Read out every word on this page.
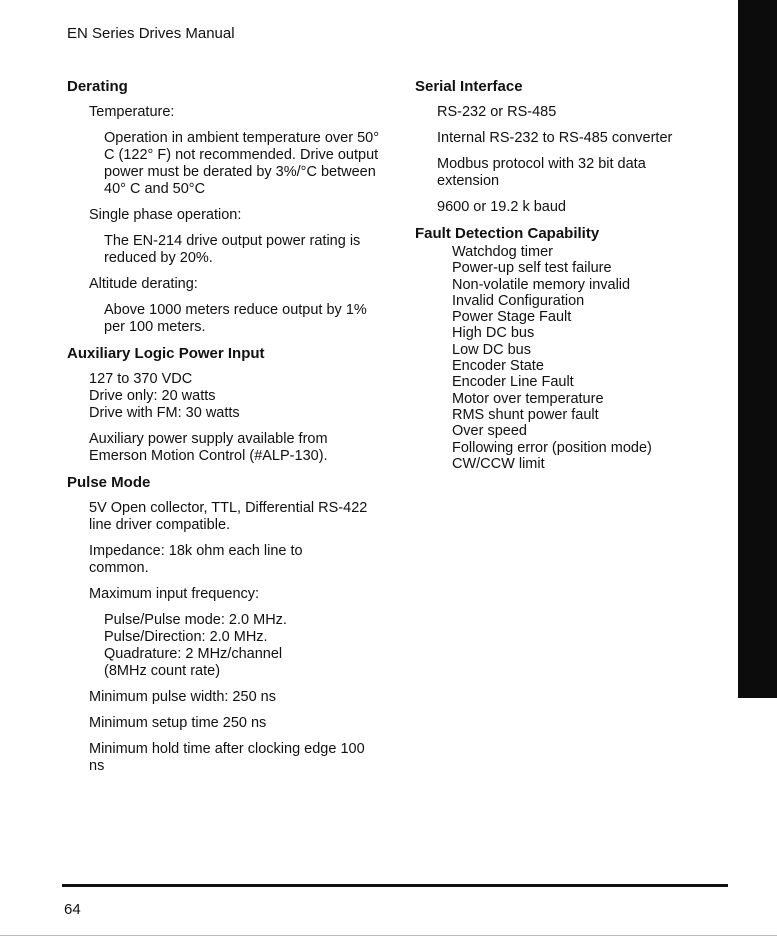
EN Series Drives Manual
Derating
Temperature:
Operation in ambient temperature over 50° C (122° F) not recommended. Drive output power must be derated by 3%/°C between 40° C and 50°C
Single phase operation:
The EN-214 drive output power rating is reduced by 20%.
Altitude derating:
Above 1000 meters reduce output by 1% per 100 meters.
Auxiliary Logic Power Input
127 to 370 VDC
Drive only: 20 watts
Drive with FM: 30 watts
Auxiliary power supply available from Emerson Motion Control (#ALP-130).
Pulse Mode
5V Open collector, TTL, Differential RS-422 line driver compatible.
Impedance: 18k ohm each line to common.
Maximum input frequency:
Pulse/Pulse mode: 2.0 MHz.
Pulse/Direction: 2.0 MHz.
Quadrature: 2 MHz/channel
(8MHz count rate)
Minimum pulse width: 250 ns
Minimum setup time 250 ns
Minimum hold time after clocking edge 100 ns
Serial Interface
RS-232 or RS-485
Internal RS-232 to RS-485 converter
Modbus protocol with 32 bit data extension
9600 or 19.2 k baud
Fault Detection Capability
Watchdog timer
Power-up self test failure
Non-volatile memory invalid
Invalid Configuration
Power Stage Fault
High DC bus
Low DC bus
Encoder State
Encoder Line Fault
Motor over temperature
RMS shunt power fault
Over speed
Following error (position mode)
CW/CCW limit
64
